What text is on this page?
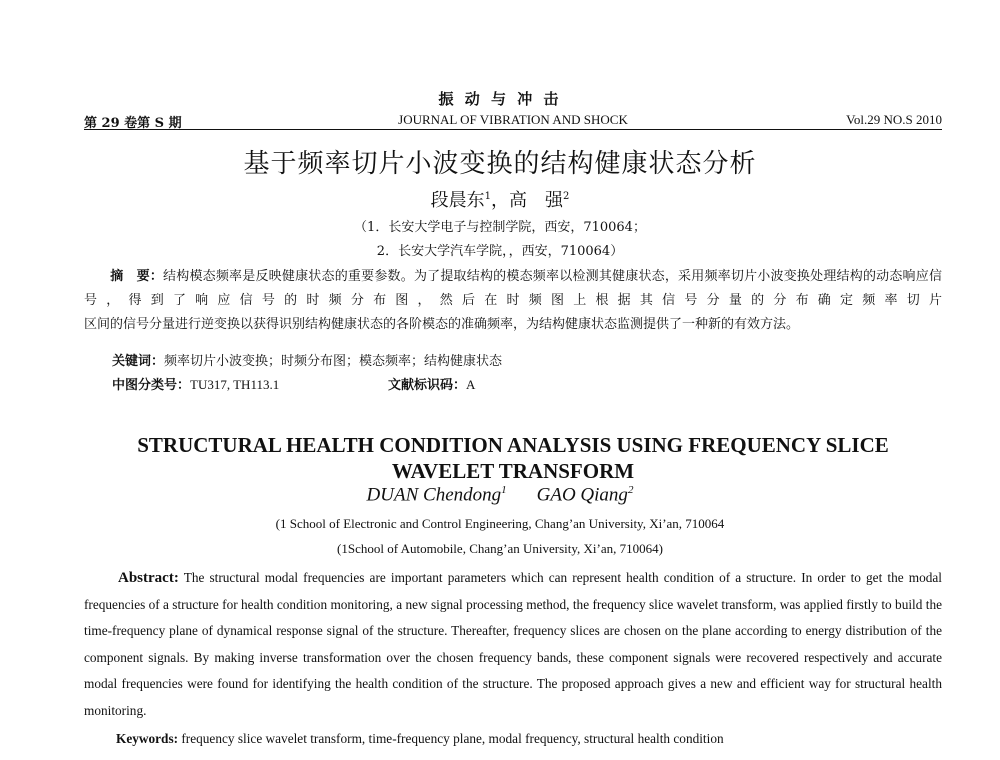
振 动 与 冲 击
第 29 卷第 S 期	JOURNAL OF VIBRATION AND SHOCK	Vol.29 NO.S 2010
基于频率切片小波变换的结构健康状态分析
段晨东$^1$，高　强$^2$
（1．长安大学电子与控制学院，西安，710064；
2．长安大学汽车学院，，西安，710064）
摘　要：结构模态频率是反映健康状态的重要参数。为了提取结构的模态频率以检测其健康状态，采用频率切片小波变换处理结构的动态响应信号，得到了响应信号的时频分布图，然后在时频图上根据其信号分量的分布确定频率切片
区间的信号分量进行逆变换以获得识别结构健康状态的各阶模态的准确频率，为结构健康状态监测提供了一种新的有效方法。
关键词：频率切片小波变换；时频分布图；模态频率；结构健康状态
中图分类号：TU317, TH113.1	文献标识码：A
STRUCTURAL HEALTH CONDITION ANALYSIS USING FREQUENCY SLICE WAVELET TRANSFORM
DUAN Chendong$^1$ GAO Qiang$^2$
(1 School of Electronic and Control Engineering, Chang’an University, Xi’an, 710064
(1School of Automobile, Chang’an University, Xi’an, 710064)
Abstract: The structural modal frequencies are important parameters which can represent health condition of a structure. In order to get the modal frequencies of a structure for health condition monitoring, a new signal processing method, the frequency slice wavelet transform, was applied firstly to build the time-frequency plane of dynamical response signal of the structure. Thereafter, frequency slices are chosen on the plane according to energy distribution of the component signals. By making inverse transformation over the chosen frequency bands, these component signals were recovered respectively and accurate modal frequencies were found for identifying the health condition of the structure. The proposed approach gives a new and efficient way for structural health monitoring.
Keywords: frequency slice wavelet transform, time-frequency plane, modal frequency, structural health condition
